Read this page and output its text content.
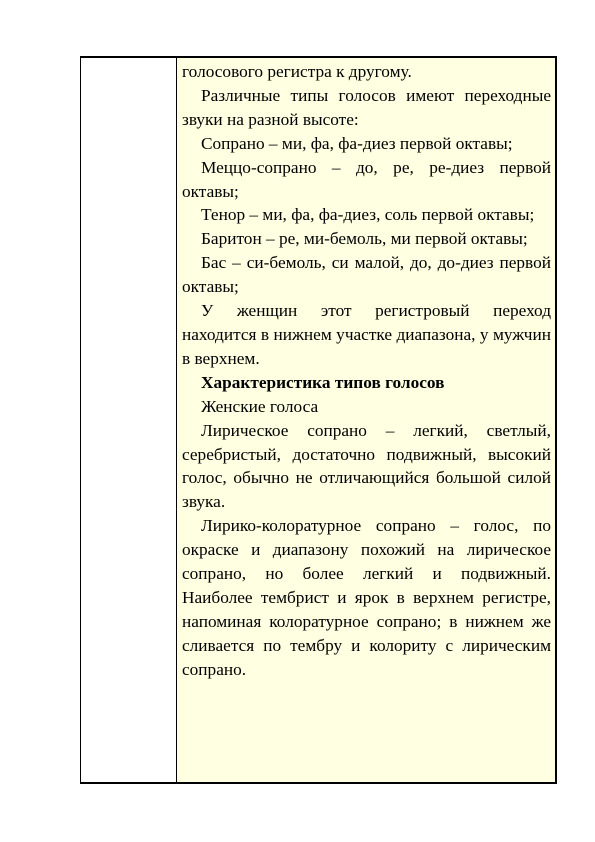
голосового регистра к другому.

Различные типы голосов имеют переходные звуки на разной высоте:

Сопрано – ми, фа, фа-диез первой октавы;

Меццо-сопрано – до, ре, ре-диез первой октавы;

Тенор – ми, фа, фа-диез, соль первой октавы;

Баритон – ре, ми-бемоль, ми первой октавы;

Бас – си-бемоль, си малой, до, до-диез первой октавы;

У женщин этот регистровый переход находится в нижнем участке диапазона, у мужчин в верхнем.

Характеристика типов голосов

Женские голоса

Лирическое сопрано – легкий, светлый, серебристый, достаточно подвижный, высокий голос, обычно не отличающийся большой силой звука.

Лирико-колоратурное сопрано – голос, по окраске и диапазону похожий на лирическое сопрано, но более легкий и подвижный. Наиболее тембрист и ярок в верхнем регистре, напоминая колоратурное сопрано; в нижнем же сливается по тембру и колориту с лирическим сопрано.
